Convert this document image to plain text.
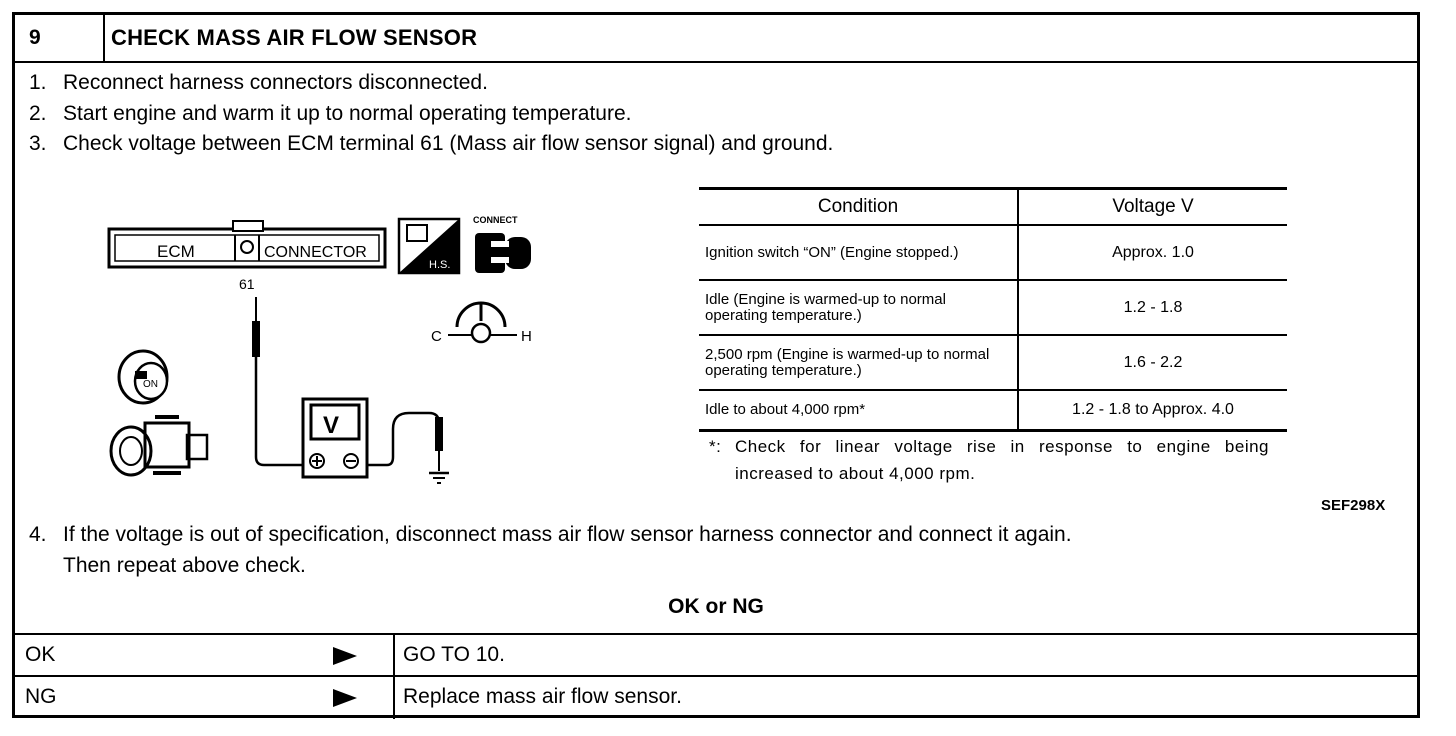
9	CHECK MASS AIR FLOW SENSOR
1. Reconnect harness connectors disconnected.
2. Start engine and warm it up to normal operating temperature.
3. Check voltage between ECM terminal 61 (Mass air flow sensor signal) and ground.
ECM	CONNECTOR
61
H.S.
CONNECT
C	H
ON
V
Condition	Voltage V
Ignition switch “ON” (Engine stopped.)	Approx. 1.0
Idle (Engine is warmed-up to normal operating temperature.)	1.2 - 1.8
2,500 rpm (Engine is warmed-up to normal operating temperature.)	1.6 - 2.2
Idle to about 4,000 rpm*	1.2 - 1.8 to Approx. 4.0
*: Check for linear voltage rise in response to engine being increased to about 4,000 rpm.
SEF298X
4. If the voltage is out of specification, disconnect mass air flow sensor harness connector and connect it again.
Then repeat above check.
OK or NG
OK	GO TO 10.
NG	Replace mass air flow sensor.
